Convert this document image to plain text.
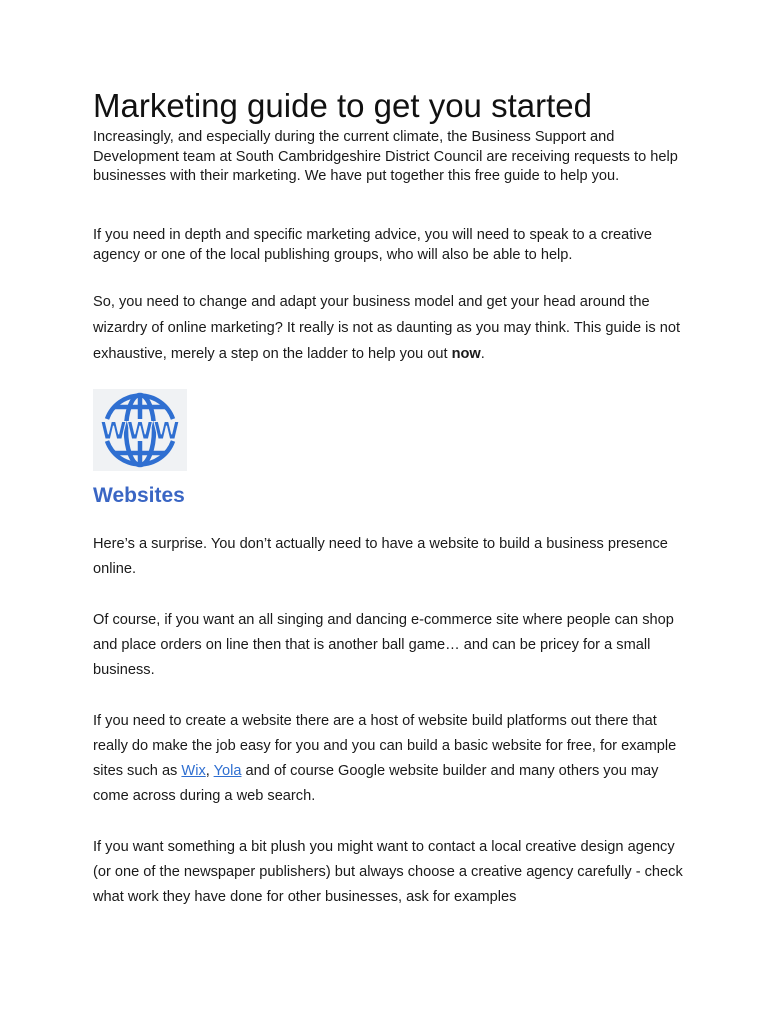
Marketing guide to get you started

Increasingly, and especially during the current climate, the Business Support and Development team at South Cambridgeshire District Council are receiving requests to help businesses with their marketing. We have put together this free guide to help you.

If you need in depth and specific marketing advice, you will need to speak to a creative agency or one of the local publishing groups, who will also be able to help.

So, you need to change and adapt your business model and get your head around the wizardry of online marketing? It really is not as daunting as you may think. This guide is not exhaustive, merely a step on the ladder to help you out now.

WWW
Websites

Here’s a surprise. You don’t actually need to have a website to build a business presence online.

Of course, if you want an all singing and dancing e-commerce site where people can shop and place orders on line then that is another ball game… and can be pricey for a small business.

If you need to create a website there are a host of website build platforms out there that really do make the job easy for you and you can build a basic website for free, for example sites such as Wix, Yola and of course Google website builder and many others you may come across during a web search.

If you want something a bit plush you might want to contact a local creative design agency (or one of the newspaper publishers) but always choose a creative agency carefully - check what work they have done for other businesses, ask for examples
